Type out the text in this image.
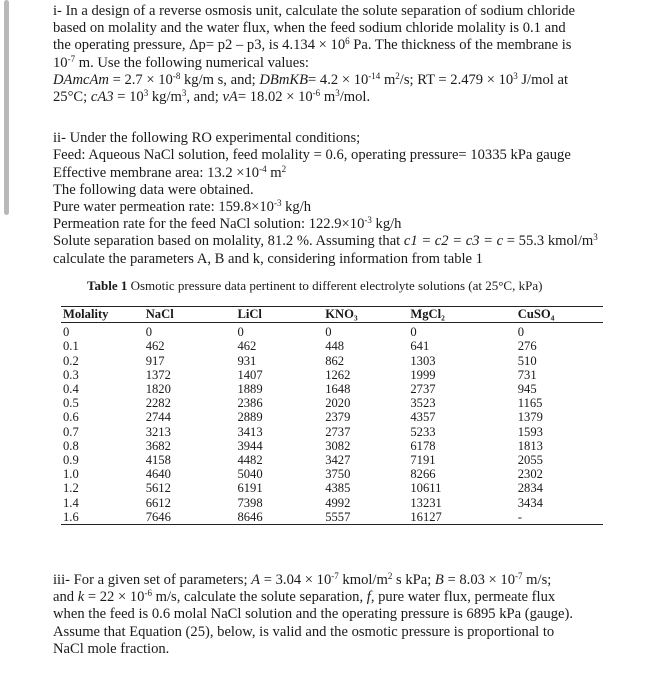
i- In a design of a reverse osmosis unit, calculate the solute separation of sodium chloride
based on molality and the water flux, when the feed sodium chloride molality is 0.1 and
the operating pressure, Δp= p2 – p3, is $4.134 \times 10^6$ Pa. The thickness of the membrane is
$10^{-7}$ m. Use the following numerical values:
DAmcAm = $2.7 \times 10^{-8}$ kg/m s, and; DBmKB= $4.2 \times 10^{-14}$ $m^2/s$; RT = $2.479 \times 10^3$ J/mol at
25°C; $cA3 = 10^3$ $kg/m^3$, and; $vA= 18.02 \times 10^{-6}$ $m^3$/mol.

ii- Under the following RO experimental conditions;
Feed: Aqueous NaCl solution, feed molality = 0.6, operating pressure= 10335 kPa gauge
Effective membrane area: $13.2 \times 10^{-4}$ $m^2$
The following data were obtained.
Pure water permeation rate: $159.8\times 10^{-3}$ kg/h
Permeation rate for the feed NaCl solution: $122.9\times 10^{-3}$ kg/h
Solute separation based on molality, 81.2 %. Assuming that c1 = c2 = c3 = c = 55.3 kmol/$m^3$
calculate the parameters A, B and k, considering information from table 1

Table 1 Osmotic pressure data pertinent to different electrolyte solutions (at 25°C, kPa)
Molality	NaCl	LiCl	KNO₃	MgCl₂	CuSO₄
0	0	0	0	0	0
0.1	462	462	448	641	276
0.2	917	931	862	1303	510
0.3	1372	1407	1262	1999	731
0.4	1820	1889	1648	2737	945
0.5	2282	2386	2020	3523	1165
0.6	2744	2889	2379	4357	1379
0.7	3213	3413	2737	5233	1593
0.8	3682	3944	3082	6178	1813
0.9	4158	4482	3427	7191	2055
1.0	4640	5040	3750	8266	2302
1.2	5612	6191	4385	10611	2834
1.4	6612	7398	4992	13231	3434
1.6	7646	8646	5557	16127	-

iii- For a given set of parameters; $A = 3.04 \times 10^{-7}$ kmol/$m^2$ s kPa; $B = 8.03 \times 10^{-7}$ m/s;
and $k = 22 \times 10^{-6}$ m/s, calculate the solute separation, f, pure water flux, permeate flux
when the feed is 0.6 molal NaCl solution and the operating pressure is 6895 kPa (gauge).
Assume that Equation (25), below, is valid and the osmotic pressure is proportional to
NaCl mole fraction.
